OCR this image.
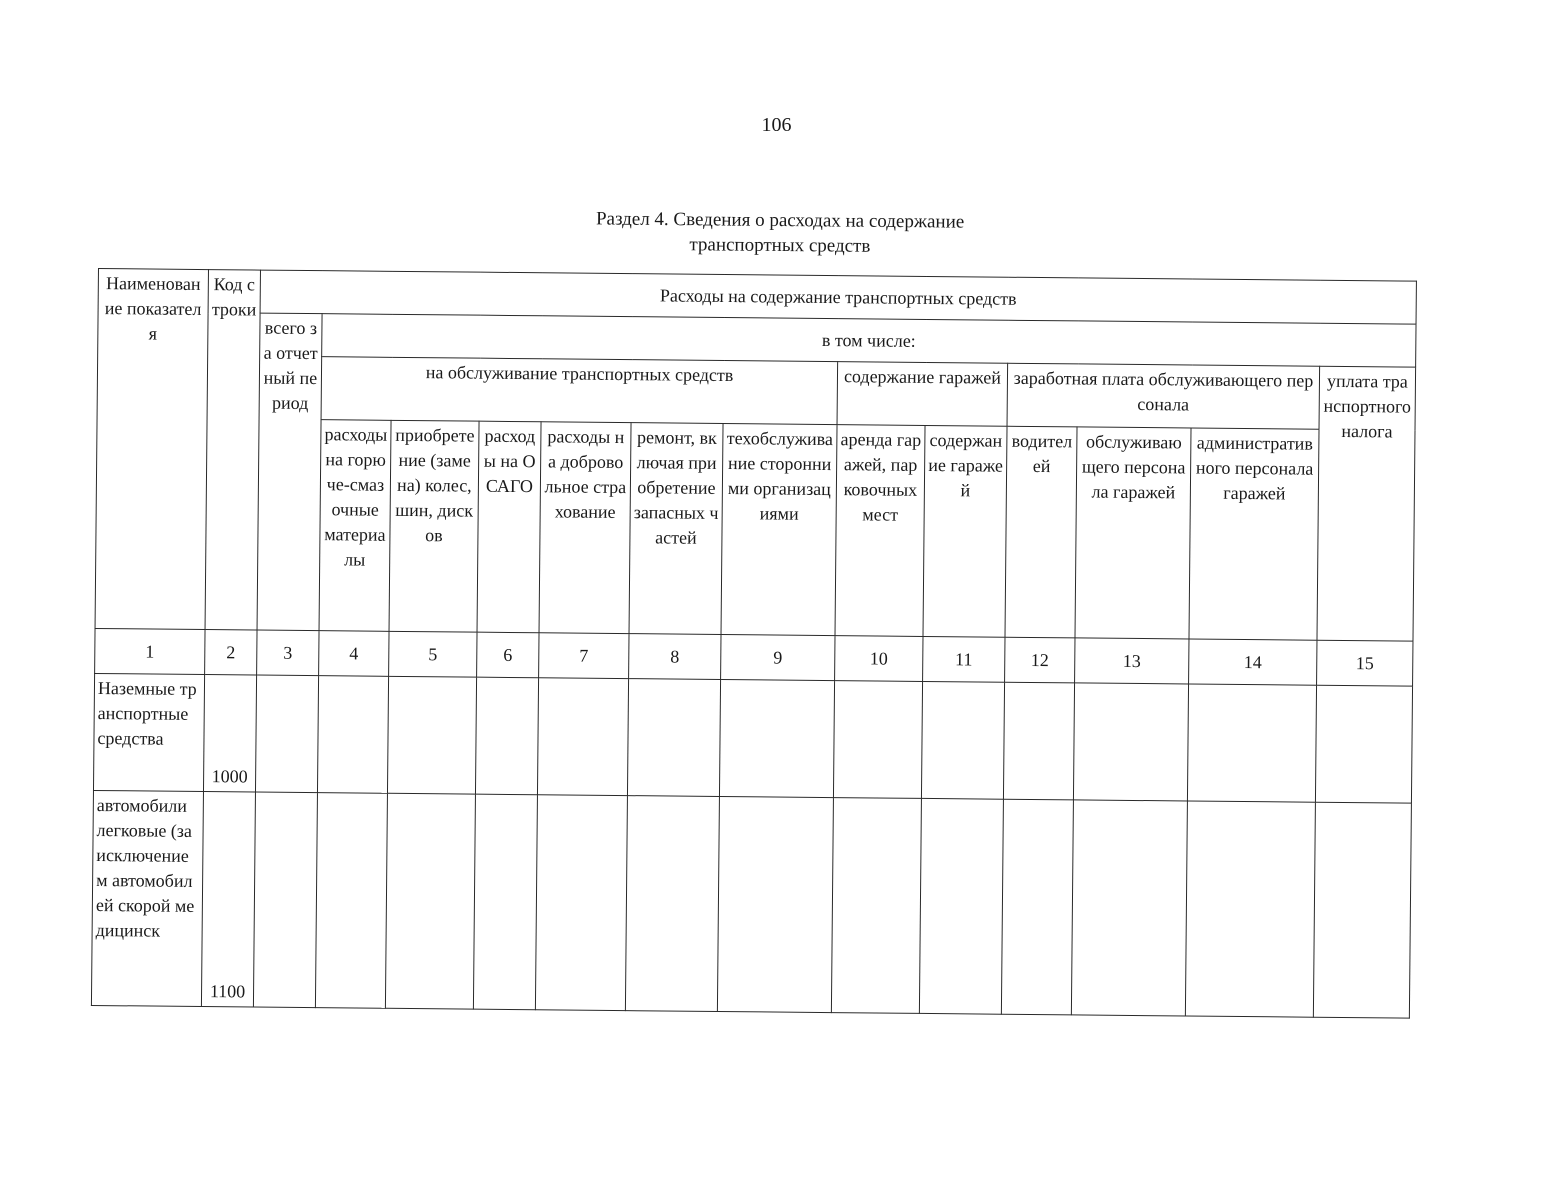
106
Раздел 4. Сведения о расходах на содержание
транспортных средств
Наименование показателя	Код строки	Расходы на содержание транспортных средств												
		всего за отчетный период	в том числе:											
			на обслуживание транспортных средств						содержание гаражей		заработная плата обслуживающего персонала			уплата транспортного налога
			расходы на горюче-смазочные материалы	приобретение (замена) колес, шин, дисков	расходы на ОСАГО	расходы на добровольное страхование	ремонт, включая приобретение запасных частей	техобслуживание сторонними организациями	аренда гаражей, парковочных мест	содержание гаражей	водителей	обслуживающего персонала гаражей	административного персонала гаражей	
1	2	3	4	5	6	7	8	9	10	11	12	13	14	15
Наземные транспортные средства	1000													
автомобили легковые (за исключением автомобилей скорой медицинск	1100													
